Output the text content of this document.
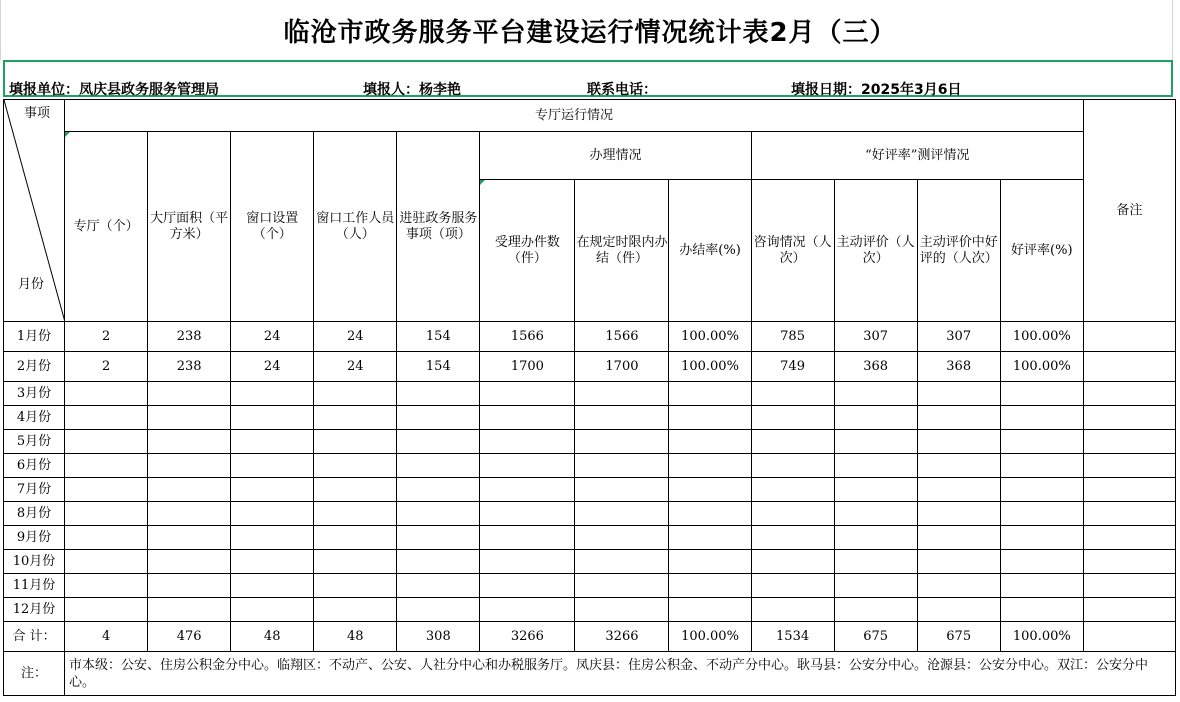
临沧市政务服务平台建设运行情况统计表2月（三）
填报单位：凤庆县政务服务管理局	填报人：杨李艳	联系电话：	填报日期：2025年3月6日
事项
月份	专厅运行情况												备注
	专厅（个）	大厅面积（平方米）	窗口设置（个）	窗口工作人员（人）	进驻政务服务事项（项）	办理情况			“好评率”测评情况				
						受理办件数（件）	在规定时限内办结（件）	办结率(%)	咨询情况（人次）	主动评价（人次）	主动评价中好评的（人次）	好评率(%)	
1月份	2	238	24	24	154	1566	1566	100.00%	785	307	307	100.00%	
2月份	2	238	24	24	154	1700	1700	100.00%	749	368	368	100.00%	
3月份													
4月份													
5月份													
6月份													
7月份													
8月份													
9月份													
10月份													
11月份													
12月份													
合 计：	4	476	48	48	308	3266	3266	100.00%	1534	675	675	100.00%	
注：	市本级：公安、住房公积金分中心。临翔区：不动产、公安、人社分中心和办税服务厅。凤庆县：住房公积金、不动产分中心。耿马县：公安分中心。沧源县：公安分中心。双江：公安分中心。												
